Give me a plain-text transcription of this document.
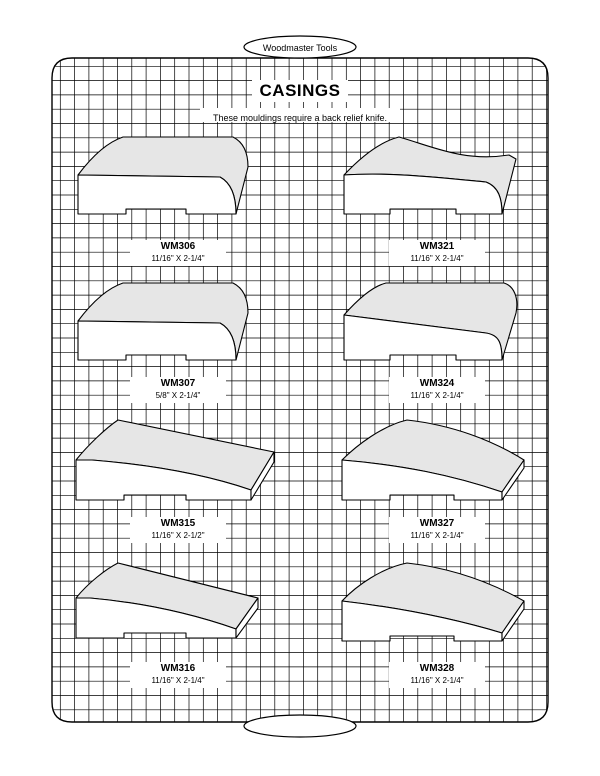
Woodmaster Tools
CASINGS
These mouldings require a back relief knife.
WM306
11/16" X 2-1/4"
WM321
11/16" X 2-1/4"
WM307
5/8" X 2-1/4"
WM324
11/16" X 2-1/4"
WM315
11/16" X 2-1/2"
WM327
11/16" X 2-1/4"
WM316
11/16" X 2-1/4"
WM328
11/16" X 2-1/4"
